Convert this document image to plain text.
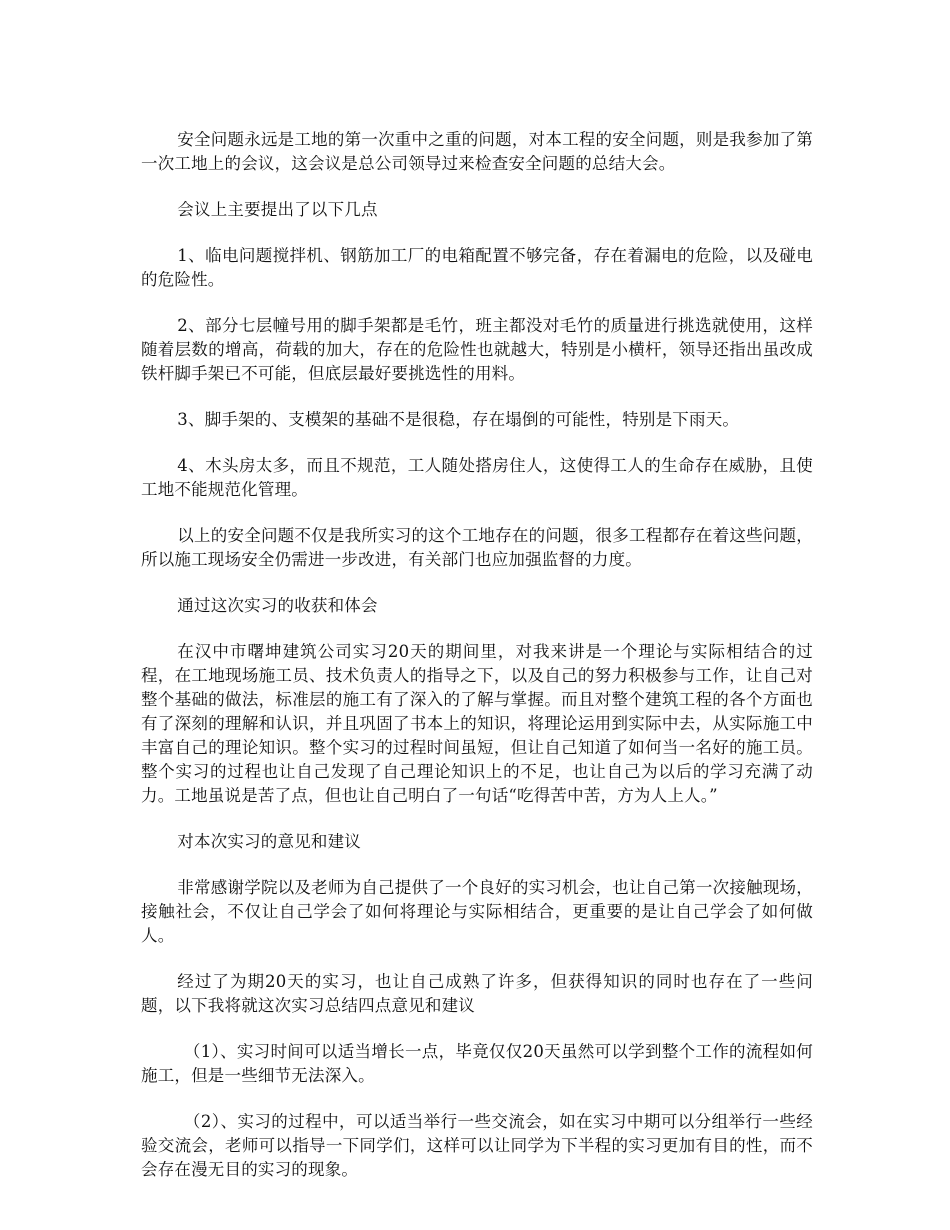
安全问题永远是工地的第一次重中之重的问题，对本工程的安全问题，则是我参加了第一次工地上的会议，这会议是总公司领导过来检查安全问题的总结大会。

会议上主要提出了以下几点

1、临电问题搅拌机、钢筋加工厂的电箱配置不够完备，存在着漏电的危险，以及碰电的危险性。

2、部分七层幢号用的脚手架都是毛竹，班主都没对毛竹的质量进行挑选就使用，这样随着层数的增高，荷载的加大，存在的危险性也就越大，特别是小横杆，领导还指出虽改成铁杆脚手架已不可能，但底层最好要挑选性的用料。

3、脚手架的、支模架的基础不是很稳，存在塌倒的可能性，特别是下雨天。

4、木头房太多，而且不规范，工人随处搭房住人，这使得工人的生命存在威胁，且使工地不能规范化管理。

以上的安全问题不仅是我所实习的这个工地存在的问题，很多工程都存在着这些问题，所以施工现场安全仍需进一步改进，有关部门也应加强监督的力度。

通过这次实习的收获和体会

在汉中市曙坤建筑公司实习20天的期间里，对我来讲是一个理论与实际相结合的过程，在工地现场施工员、技术负责人的指导之下，以及自己的努力积极参与工作，让自己对整个基础的做法，标准层的施工有了深入的了解与掌握。而且对整个建筑工程的各个方面也有了深刻的理解和认识，并且巩固了书本上的知识，将理论运用到实际中去，从实际施工中丰富自己的理论知识。整个实习的过程时间虽短，但让自己知道了如何当一名好的施工员。整个实习的过程也让自己发现了自己理论知识上的不足，也让自己为以后的学习充满了动力。工地虽说是苦了点，但也让自己明白了一句话“吃得苦中苦，方为人上人。”

对本次实习的意见和建议

非常感谢学院以及老师为自己提供了一个良好的实习机会，也让自己第一次接触现场，接触社会，不仅让自己学会了如何将理论与实际相结合，更重要的是让自己学会了如何做人。

经过了为期20天的实习，也让自己成熟了许多，但获得知识的同时也存在了一些问题，以下我将就这次实习总结四点意见和建议

（1）、实习时间可以适当增长一点，毕竟仅仅20天虽然可以学到整个工作的流程如何施工，但是一些细节无法深入。

（2）、实习的过程中，可以适当举行一些交流会，如在实习中期可以分组举行一些经验交流会，老师可以指导一下同学们，这样可以让同学为下半程的实习更加有目的性，而不会存在漫无目的实习的现象。
